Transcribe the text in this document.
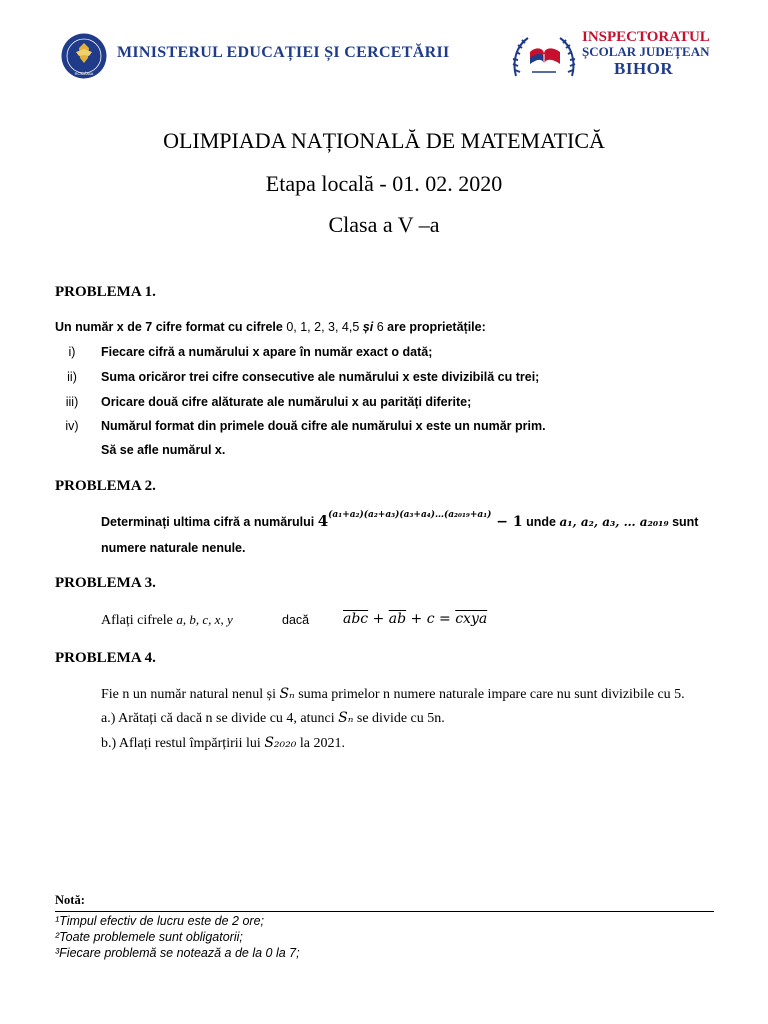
ROMÂNIA
MINISTERUL EDUCAȚIEI ȘI CERCETĂRII
INSPECTORATUL
ȘCOLAR JUDEȚEAN
BIHOR
OLIMPIADA NAȚIONALĂ DE MATEMATICĂ
Etapa locală - 01. 02. 2020
Clasa a V –a
PROBLEMA 1.
Un număr x de 7 cifre format cu cifrele 0, 1, 2, 3, 4,5 și 6 are proprietățile:
i)	Fiecare cifră a numărului x apare în număr exact o dată;
ii)	Suma oricăror trei cifre consecutive ale numărului x este divizibilă cu trei;
iii)	Oricare două cifre alăturate ale numărului x au parități diferite;
iv)	Numărul format din primele două cifre ale numărului x este un număr prim.
Să se afle numărul x.
PROBLEMA 2.
Determinați ultima cifră a numărului $4^{(a_1+a_2)(a_2+a_3)(a_3+a_4)\dots(a_{2019}+a_1)} - 1$ unde a₁, a₂, a₃, … a₂₀₁₉ sunt
numere naturale nenule.
PROBLEMA 3.
Aflați cifrele a, b, c, x, y	dacă $\overline{abc} + \overline{ab} + c$ = cxya
PROBLEMA 4.
Fie n un număr natural nenul și Sₙ suma primelor n numere naturale impare care nu sunt divizibile cu 5.
a.) Arătați că dacă n se divide cu 4, atunci Sₙ se divide cu 5n.
b.) Aflați restul împărțirii lui S₂₀₂₀ la 2021.
Notă:
¹Timpul efectiv de lucru este de 2 ore;
²Toate problemele sunt obligatorii;
³Fiecare problemă se notează a de la 0 la 7;
